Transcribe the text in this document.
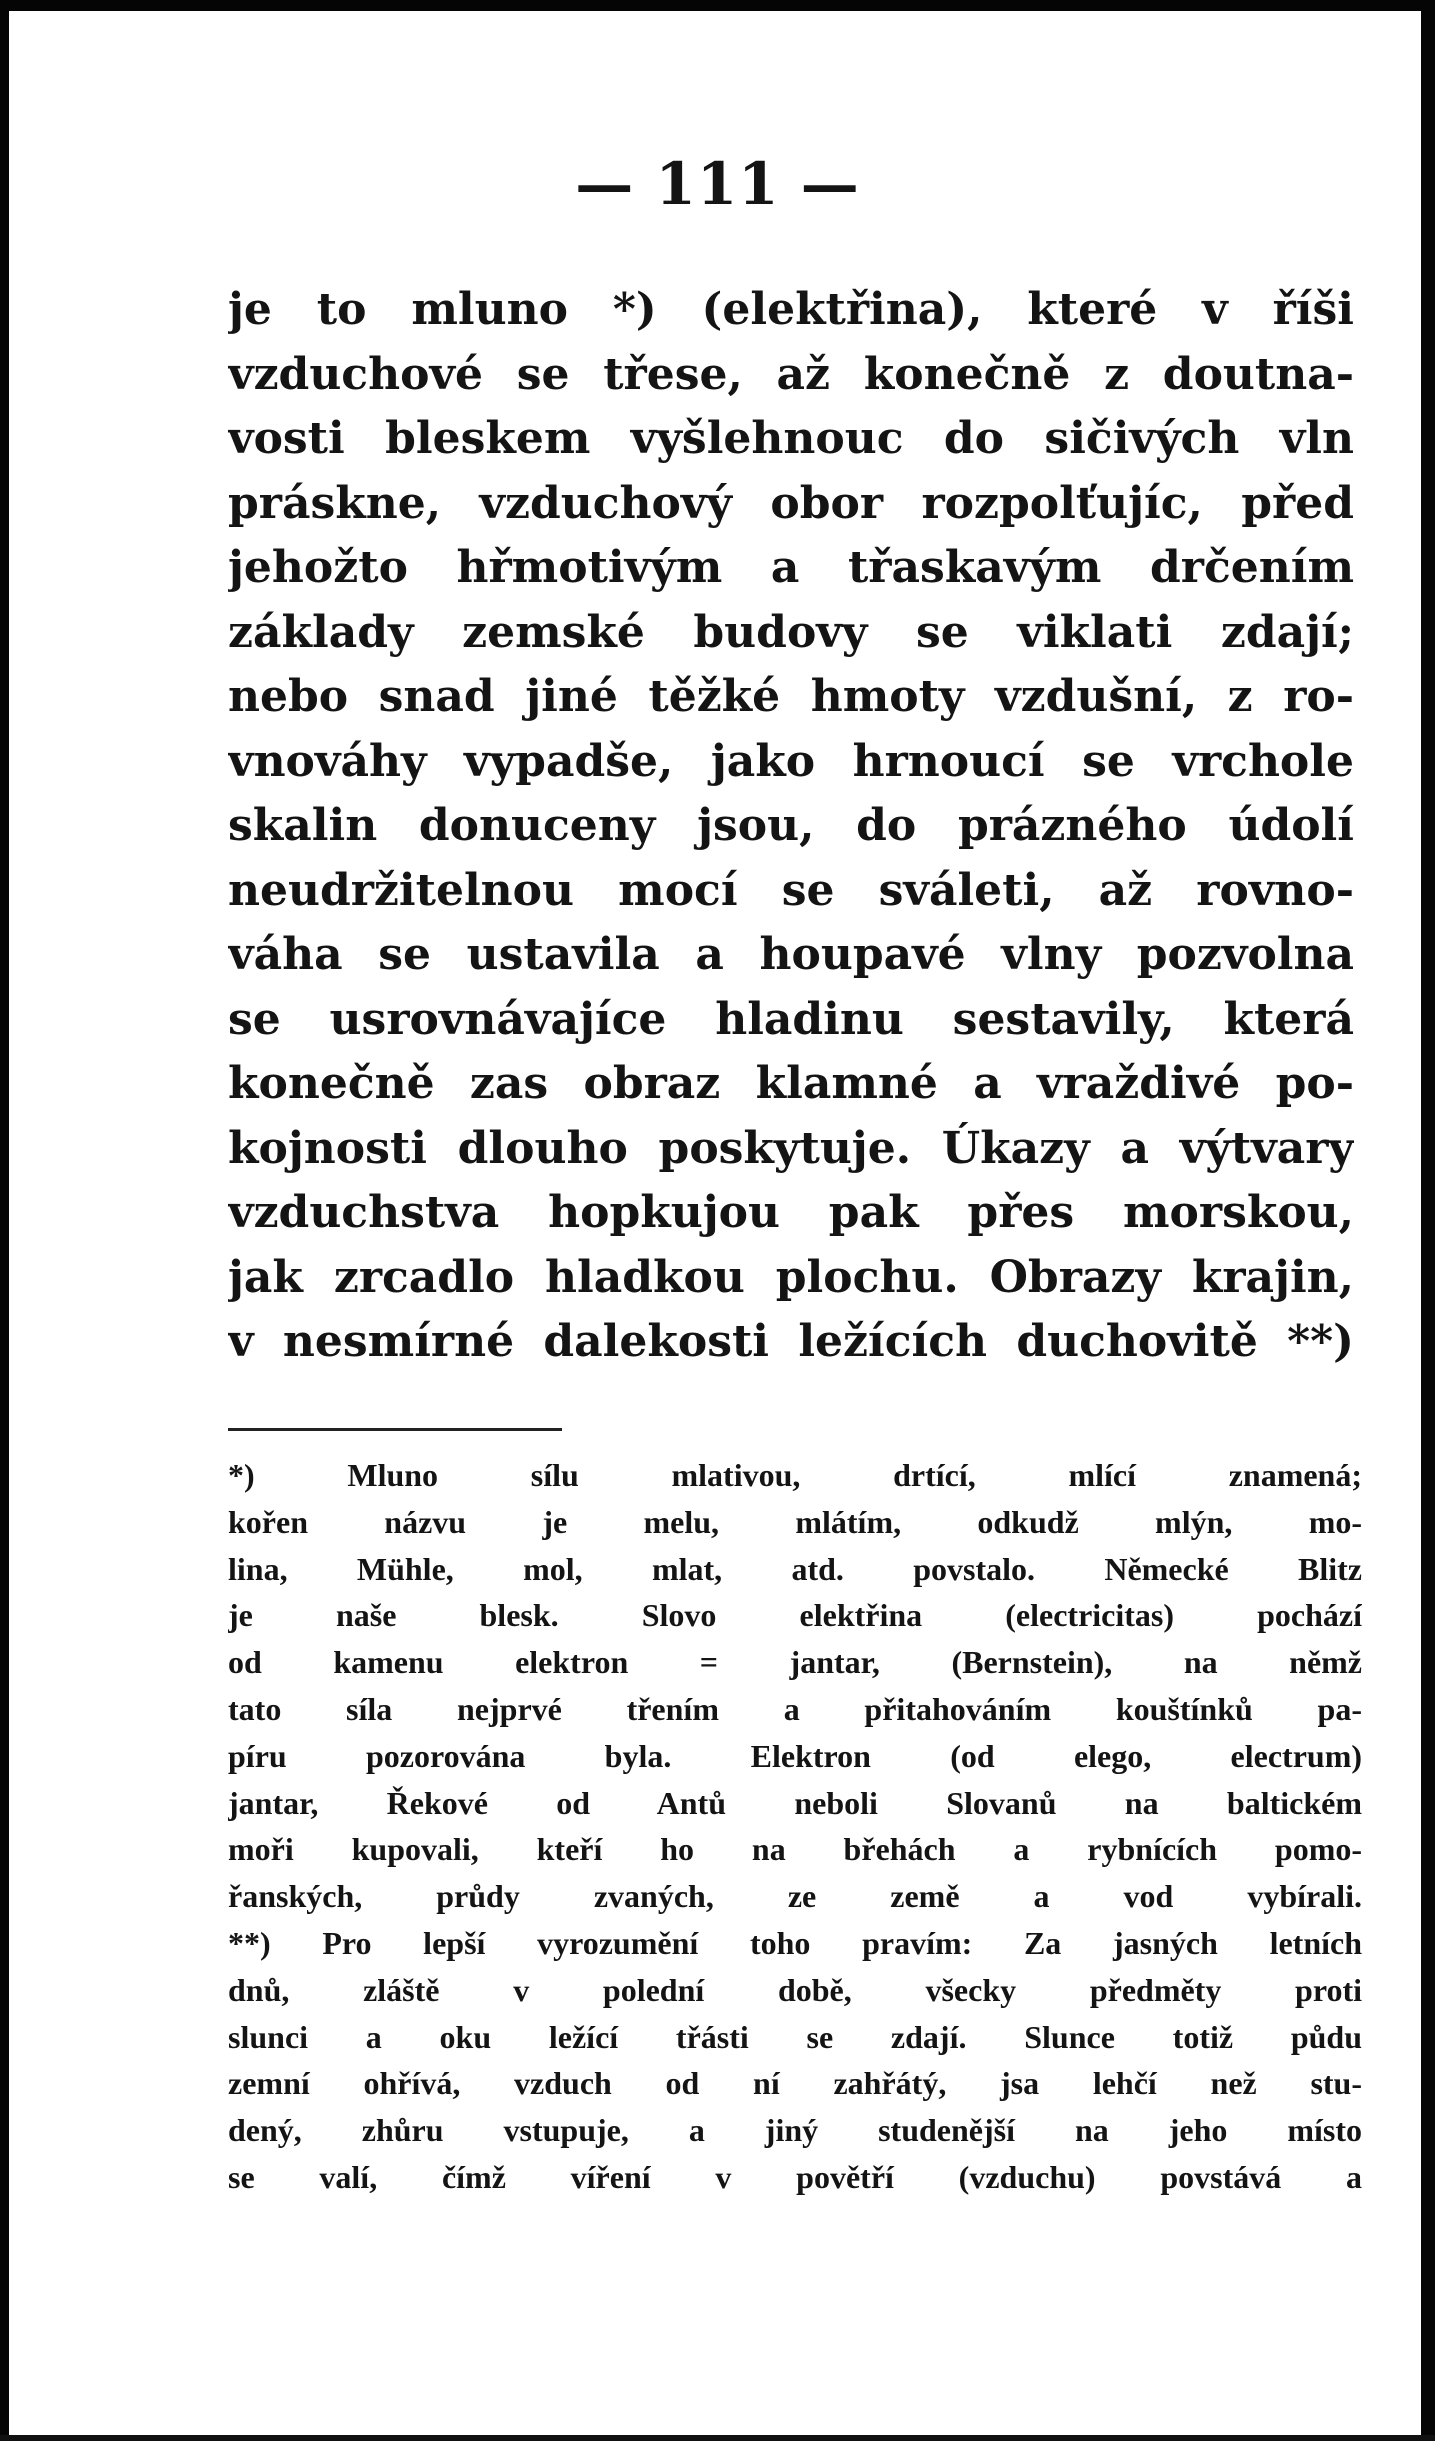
— 111 —
je to mluno *) (elektřina), které v říši
vzduchové se třese, až konečně z doutna-
vosti bleskem vyšlehnouc do sičivých vln
práskne, vzduchový obor rozpolťujíc, před
jehožto hřmotivým a třaskavým drčením
základy zemské budovy se viklati zdají;
nebo snad jiné těžké hmoty vzdušní, z ro-
vnováhy vypadše, jako hrnoucí se vrchole
skalin donuceny jsou, do prázného údolí
neudržitelnou mocí se sváleti, až rovno-
váha se ustavila a houpavé vlny pozvolna
se usrovnávajíce hladinu sestavily, která
konečně zas obraz klamné a vraždivé po-
kojnosti dlouho poskytuje. Úkazy a výtvary
vzduchstva hopkujou pak přes morskou,
jak zrcadlo hladkou plochu. Obrazy krajin,
v nesmírné dalekosti ležících duchovitě **)
*) Mluno sílu mlativou, drtící, mlící znamená;
kořen názvu je melu, mlátím, odkudž mlýn, mo-
lina, Mühle, mol, mlat, atd. povstalo. Německé Blitz
je naše blesk. Slovo elektřina (electricitas) pochází
od kamenu elektron = jantar, (Bernstein), na němž
tato síla nejprvé třením a přitahováním kouštínků pa-
píru pozorována byla. Elektron (od elego, electrum)
jantar, Řekové od Antů neboli Slovanů na baltickém
moři kupovali, kteří ho na břehách a rybnících pomo-
řanských, průdy zvaných, ze země a vod vybírali.
**) Pro lepší vyrozumění toho pravím: Za jasných letních
dnů, zláště v polední době, všecky předměty proti
slunci a oku ležící třásti se zdají. Slunce totiž půdu
zemní ohřívá, vzduch od ní zahřátý, jsa lehčí než stu-
dený, zhůru vstupuje, a jiný studenější na jeho místo
se valí, čímž víření v povětří (vzduchu) povstává a
